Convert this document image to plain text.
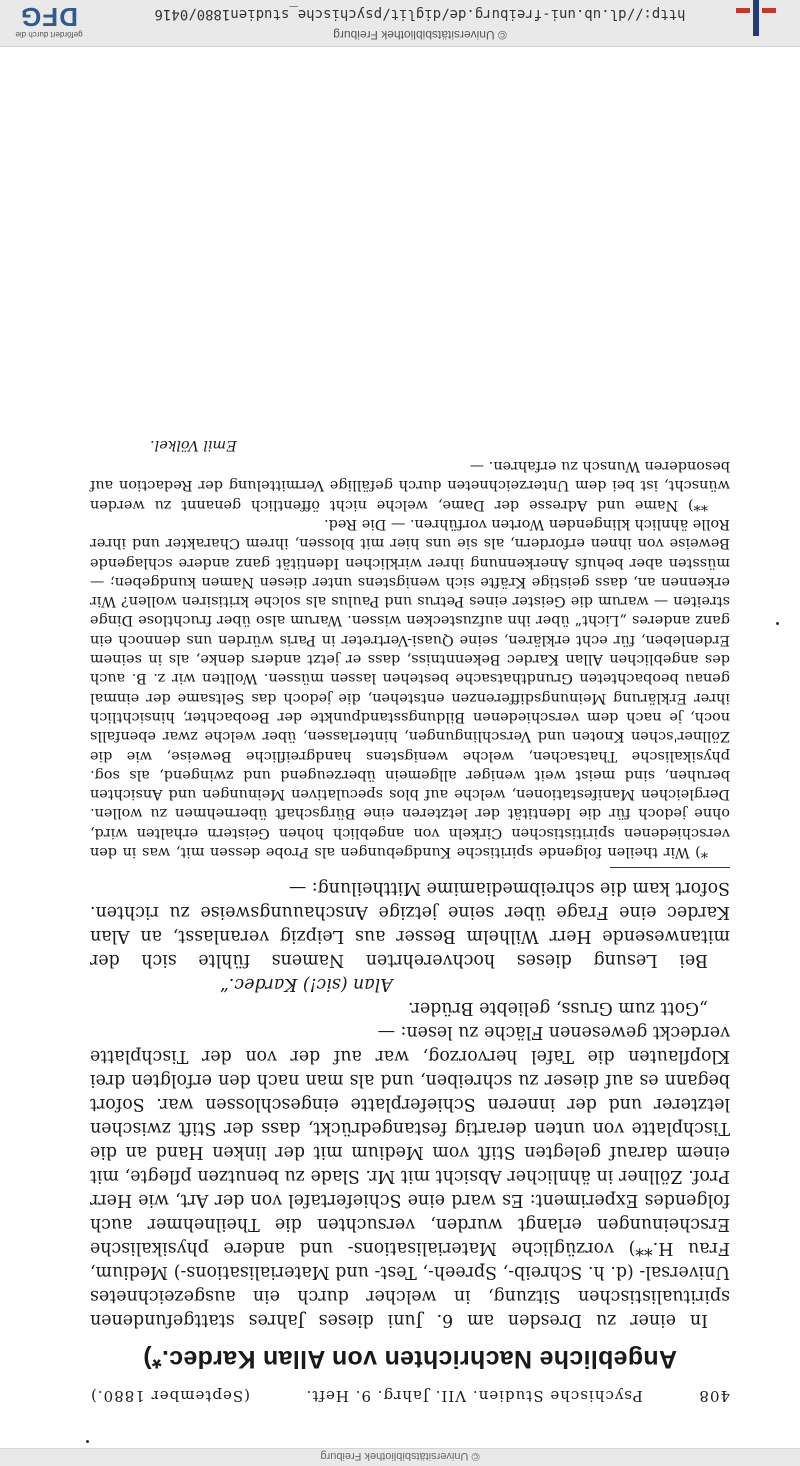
DFG
gefördert durch die
http://dl.ub.uni-freiburg.de/diglit/psychische_studien1880/0416
© Universitätsbibliothek Freiburg
408
Psychische Studien. VII. Jahrg. 9. Heft.
(September 1880.)
Angebliche Nachrichten von Allan Kardec.*)

In einer zu Dresden am 6. Juni dieses Jahres stattgefundenen spiritualistischen Sitzung, in welcher durch ein ausgezeichnetes Universal- (d. h. Schreib-, Spreeh-, Test- und Materialisations-) Medium, Frau H.**) vorzügliche Materialisations- und andere physikalische Erscheinungen erlangt wurden, versuchten die Theilnehmer auch folgendes Experiment: Es ward eine Schiefertafel von der Art, wie Herr Prof. Zöllner in ähnlicher Absicht mit Mr. Slade zu benutzen pflegte, mit einem darauf gelegten Stift vom Medium mit der linken Hand an die Tischplatte von unten derartig festangedrückt, dass der Stift zwischen letzterer und der inneren Schieferplatte eingeschlossen war. Sofort begann es auf dieser zu schreiben, und als man nach den erfolgten drei Klopflauten die Tafel hervorzog, war auf der von der Tischplatte verdeckt gewesenen Fläche zu lesen: —

„Gott zum Gruss, geliebte Brüder.

Alan (sic!) Kardec.“

Bei Lesung dieses hochverehrten Namens fühlte sich der mitanwesende Herr Wilhelm Besser aus Leipzig veranlasst, an Alan Kardec eine Frage über seine jetzige Anschauungsweise zu richten. Sofort kam die schreibmediamime Mittheilung: —

*) Wir theilen folgende spiritische Kundgebungen als Probe dessen mit, was in den verschiedenen spiritistischen Cirkeln von angeblich hohen Geistern erhalten wird, ohne jedoch für die Identität der letzteren eine Bürgschaft übernehmen zu wollen. Dergleichen Manifestationen, welche auf blos speculativen Meinungen und Ansichten beruhen, sind meist weit weniger allgemein überzeugend und zwingend, als sog. physikalische Thatsachen, welche wenigstens handgreifliche Beweise, wie die Zöllner'schen Knoten und Verschlingungen, hinterlassen, über welche zwar ebenfalls noch, je nach dem verschiedenen Bildungsstandpunkte der Beobachter, hinsichtlich ihrer Erklärung Meinungsdifferenzen entstehen, die jedoch das Seltsame der einmal genau beobachteten Grundthatsache bestehen lassen müssen. Wollten wir z. B. auch des angeblichen Allan Kardec Bekenntniss, dass er jetzt anders denke, als in seinem Erdenleben, für echt erklären, seine Quasi-Vertreter in Paris würden uns dennoch ein ganz anderes „Licht“ über ihn aufzustecken wissen. Warum also über fruchtlose Dinge streiten — warum die Geister eines Petrus und Paulus als solche kritisiren wollen? Wir erkennen an, dass geistige Kräfte sich wenigstens unter diesen Namen kundgeben; — müssten aber behufs Anerkennung ihrer wirklichen Identität ganz andere schlagende Beweise von ihnen erfordern, als sie uns hier mit blossen, ihrem Charakter und ihrer Rolle ähnlich klingenden Worten vorführen. — Die Red.

**) Name und Adresse der Dame, welche nicht öffentlich genannt zu werden wünscht, ist bei dem Unterzeichneten durch gefällige Vermittelung der Redaction auf besonderen Wunsch zu erfahren. —

Emil Völkel.

© Universitätsbibliothek Freiburg
